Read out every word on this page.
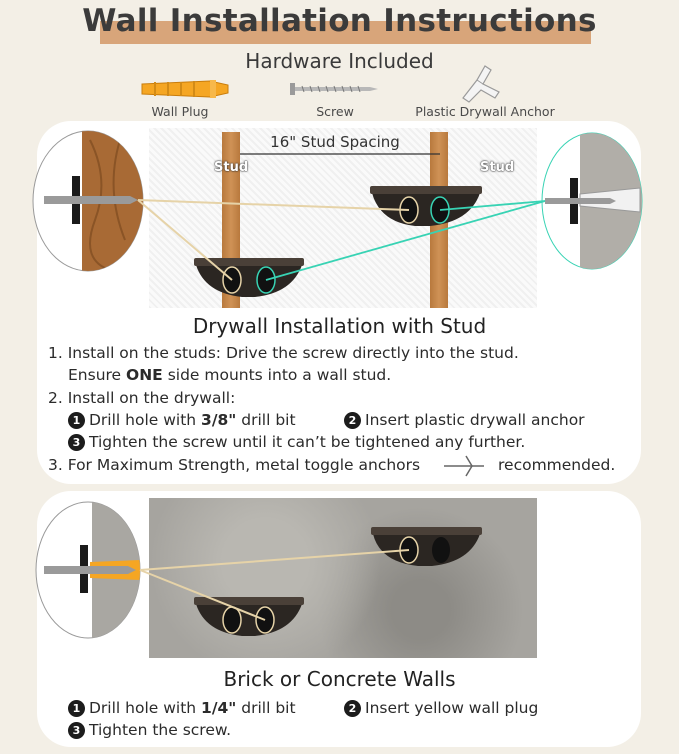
Wall Installation Instructions
Hardware Included
Wall Plug	Screw	Plastic Drywall Anchor
Stud	Stud
16" Stud Spacing
Drywall Installation with Stud
1. Install on the studs: Drive the screw directly into the stud.
Ensure ONE side mounts into a wall stud.
2. Install on the drywall:
1 Drill hole with 3/8" drill bit	2 Insert plastic drywall anchor
3 Tighten the screw until it can’t be tightened any further.
3. For Maximum Strength, metal toggle anchors	recommended.
Brick or Concrete Walls
1 Drill hole with 1/4" drill bit	2 Insert yellow wall plug
3 Tighten the screw.
